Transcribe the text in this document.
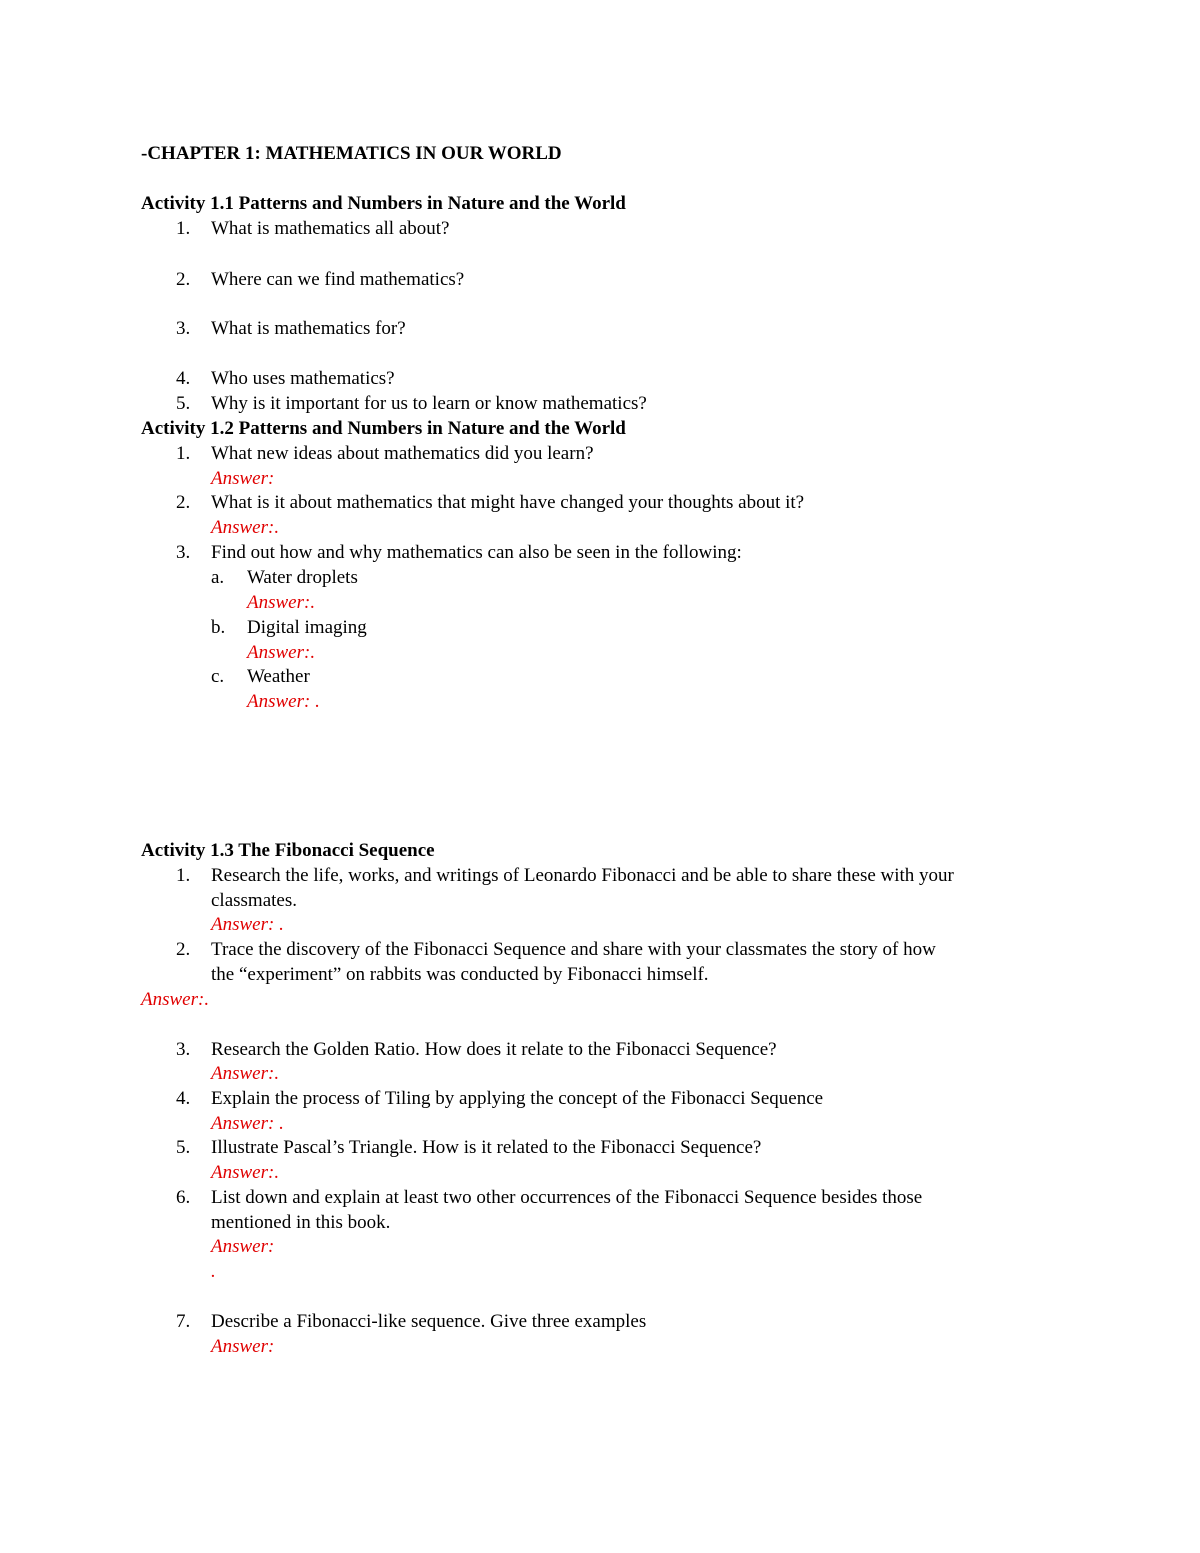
-CHAPTER 1: MATHEMATICS IN OUR WORLD
Activity 1.1 Patterns and Numbers in Nature and the World
1. What is mathematics all about?
2. Where can we find mathematics?
3. What is mathematics for?
4. Who uses mathematics?
5. Why is it important for us to learn or know mathematics?
Activity 1.2 Patterns and Numbers in Nature and the World
1. What new ideas about mathematics did you learn?
Answer:
2. What is it about mathematics that might have changed your thoughts about it?
Answer:.
3. Find out how and why mathematics can also be seen in the following:
a. Water droplets
Answer:.
b. Digital imaging
Answer:.
c. Weather
Answer: .
Activity 1.3 The Fibonacci Sequence
1. Research the life, works, and writings of Leonardo Fibonacci and be able to share these with your
classmates.
Answer: .
2. Trace the discovery of the Fibonacci Sequence and share with your classmates the story of how
the “experiment” on rabbits was conducted by Fibonacci himself.
Answer:.
3. Research the Golden Ratio. How does it relate to the Fibonacci Sequence?
Answer:.
4. Explain the process of Tiling by applying the concept of the Fibonacci Sequence
Answer: .
5. Illustrate Pascal’s Triangle. How is it related to the Fibonacci Sequence?
Answer:.
6. List down and explain at least two other occurrences of the Fibonacci Sequence besides those
mentioned in this book.
Answer:
.
7. Describe a Fibonacci-like sequence. Give three examples
Answer:
